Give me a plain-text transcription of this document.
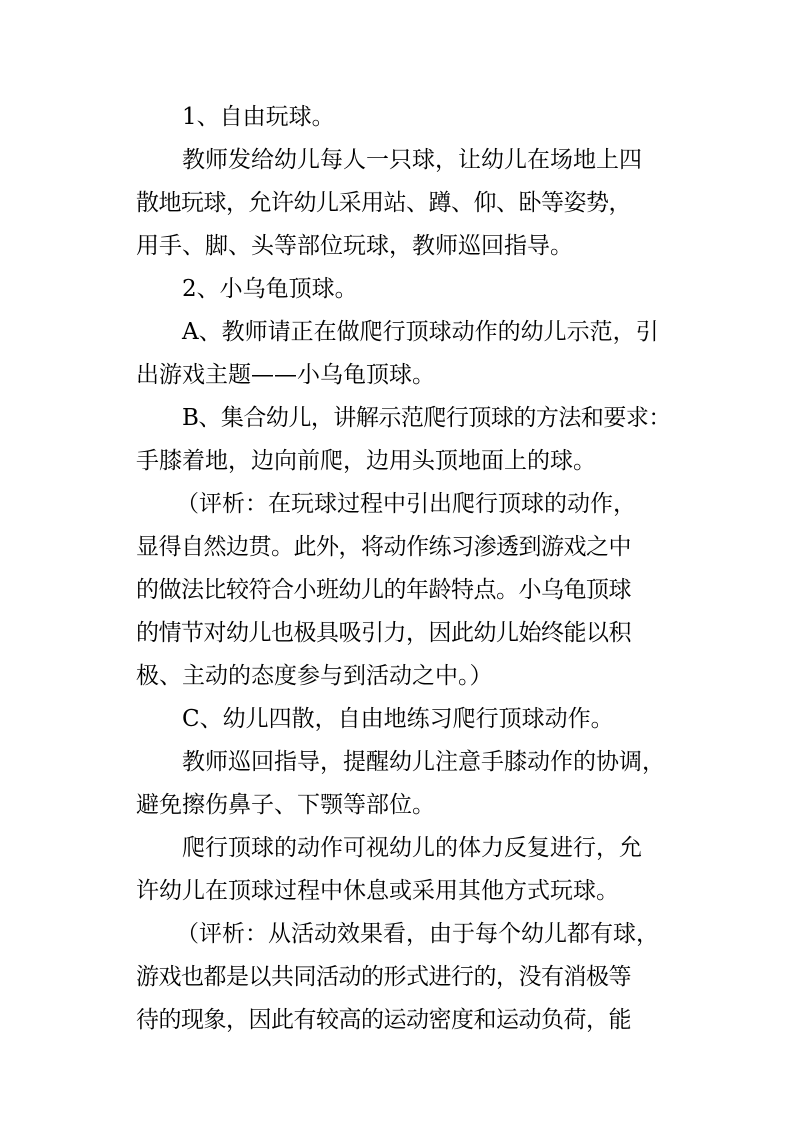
1、自由玩球。
教师发给幼儿每人一只球，让幼儿在场地上四
散地玩球，允许幼儿采用站、蹲、仰、卧等姿势，
用手、脚、头等部位玩球，教师巡回指导。
2、小乌龟顶球。
A、教师请正在做爬行顶球动作的幼儿示范，引
出游戏主题——小乌龟顶球。
B、集合幼儿，讲解示范爬行顶球的方法和要求：
手膝着地，边向前爬，边用头顶地面上的球。
（评析：在玩球过程中引出爬行顶球的动作，
显得自然边贯。此外，将动作练习渗透到游戏之中
的做法比较符合小班幼儿的年龄特点。小乌龟顶球
的情节对幼儿也极具吸引力，因此幼儿始终能以积
极、主动的态度参与到活动之中。）
C、幼儿四散，自由地练习爬行顶球动作。
教师巡回指导，提醒幼儿注意手膝动作的协调，
避免擦伤鼻子、下颚等部位。
爬行顶球的动作可视幼儿的体力反复进行，允
许幼儿在顶球过程中休息或采用其他方式玩球。
（评析：从活动效果看，由于每个幼儿都有球，
游戏也都是以共同活动的形式进行的，没有消极等
待的现象，因此有较高的运动密度和运动负荷，能
